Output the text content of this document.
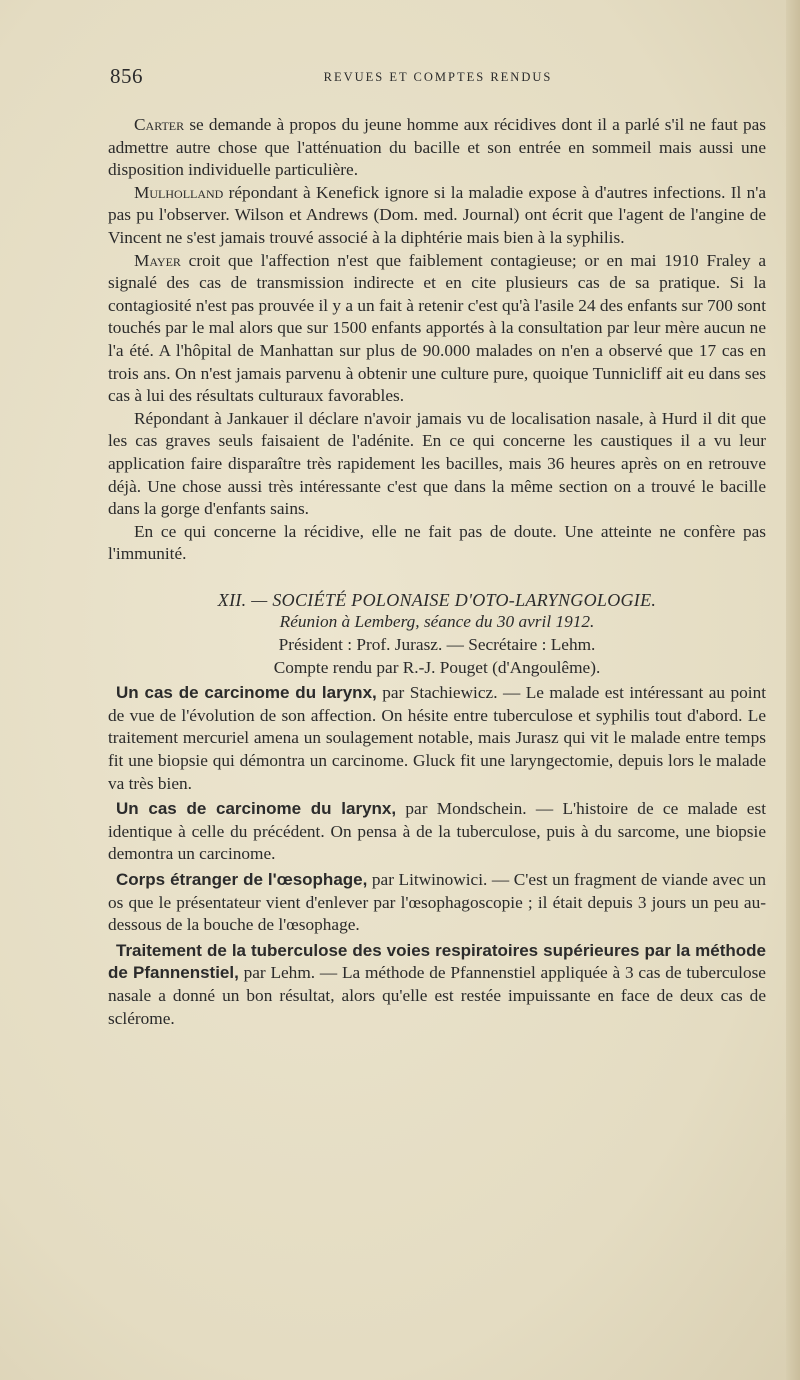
856	REVUES ET COMPTES RENDUS

Carter se demande à propos du jeune homme aux récidives dont il a parlé s'il ne faut pas admettre autre chose que l'atténuation du bacille et son entrée en sommeil mais aussi une disposition individuelle particulière.

Mulholland répondant à Kenefick ignore si la maladie expose à d'autres infections. Il n'a pas pu l'observer. Wilson et Andrews (Dom. med. Journal) ont écrit que l'agent de l'angine de Vincent ne s'est jamais trouvé associé à la diphtérie mais bien à la syphilis.

Mayer croit que l'affection n'est que faiblement contagieuse; or en mai 1910 Fraley a signalé des cas de transmission indirecte et en cite plusieurs cas de sa pratique. Si la contagiosité n'est pas prouvée il y a un fait à retenir c'est qu'à l'asile 24 des enfants sur 700 sont touchés par le mal alors que sur 1500 enfants apportés à la consultation par leur mère aucun ne l'a été. A l'hôpital de Manhattan sur plus de 90.000 malades on n'en a observé que 17 cas en trois ans. On n'est jamais parvenu à obtenir une culture pure, quoique Tunnicliff ait eu dans ses cas à lui des résultats culturaux favorables.

Répondant à Jankauer il déclare n'avoir jamais vu de localisation nasale, à Hurd il dit que les cas graves seuls faisaient de l'adénite. En ce qui concerne les caustiques il a vu leur application faire disparaître très rapidement les bacilles, mais 36 heures après on en retrouve déjà. Une chose aussi très intéressante c'est que dans la même section on a trouvé le bacille dans la gorge d'enfants sains.

En ce qui concerne la récidive, elle ne fait pas de doute. Une atteinte ne confère pas l'immunité.

XII. — SOCIÉTÉ POLONAISE D'OTO-LARYNGOLOGIE.

Réunion à Lemberg, séance du 30 avril 1912.

Président : Prof. Jurasz. — Secrétaire : Lehm.

Compte rendu par R.-J. Pouget (d'Angoulême).

Un cas de carcinome du larynx, par Stachiewicz. — Le malade est intéressant au point de vue de l'évolution de son affection. On hésite entre tuberculose et syphilis tout d'abord. Le traitement mercuriel amena un soulagement notable, mais Jurasz qui vit le malade entre temps fit une biopsie qui démontra un carcinome. Gluck fit une laryngectomie, depuis lors le malade va très bien.

Un cas de carcinome du larynx, par Mondschein. — L'histoire de ce malade est identique à celle du précédent. On pensa à de la tuberculose, puis à du sarcome, une biopsie demontra un carcinome.

Corps étranger de l'œsophage, par Litwinowici. — C'est un fragment de viande avec un os que le présentateur vient d'enlever par l'œsophagoscopie ; il était depuis 3 jours un peu au-dessous de la bouche de l'œsophage.

Traitement de la tuberculose des voies respiratoires supérieures par la méthode de Pfannenstiel, par Lehm. — La méthode de Pfannenstiel appliquée à 3 cas de tuberculose nasale a donné un bon résultat, alors qu'elle est restée impuissante en face de deux cas de sclérome.
